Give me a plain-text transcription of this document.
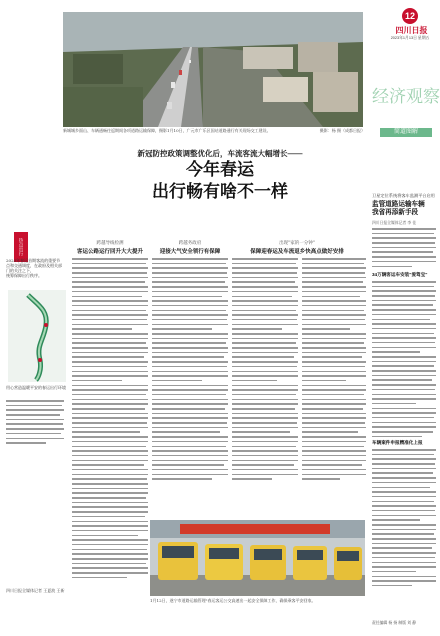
12
四川日报
2023年1月13日 星期五
经济观察
简道图解
新城城乡面山、车辆通畅往返期间各项道路运输保障，摄影1月10日，广元市广乐区国站道路通行有关现场交工建设。	摄影：杨 摄（成都日报）
新冠防控政策调整优化后，车流客流大幅增长——
今年春运
出行畅有啥不一样
热点出行
2023年春运首期客流的重要节点和交通调度，在政府及相关部门的关注之下，
统筹保障出行秩序。
用心营造温暖平安的春运出行环境
四川日报全媒体记者 王夏波 王新
跨越导线检测
客运公路运行回升大大提升
跨越务政府
迎接大气安全领行有保障
出现"家的一分钟"
保障迎春运及车流返乡快高点做好安排
1月12日，遂宁市道路运输管理"春运客运公交高速出一起安全保障工作，确保乘客平安回家。
卫星定位系统将客车监测平台启用
监管道路运输车辆
我省再添新手段
四川日报全媒体记者 李 佳
34万辆客运车安装"爱驾宝"
车辆案件申报精准化上报
责任编辑 杨 扬 制版 刘 静
